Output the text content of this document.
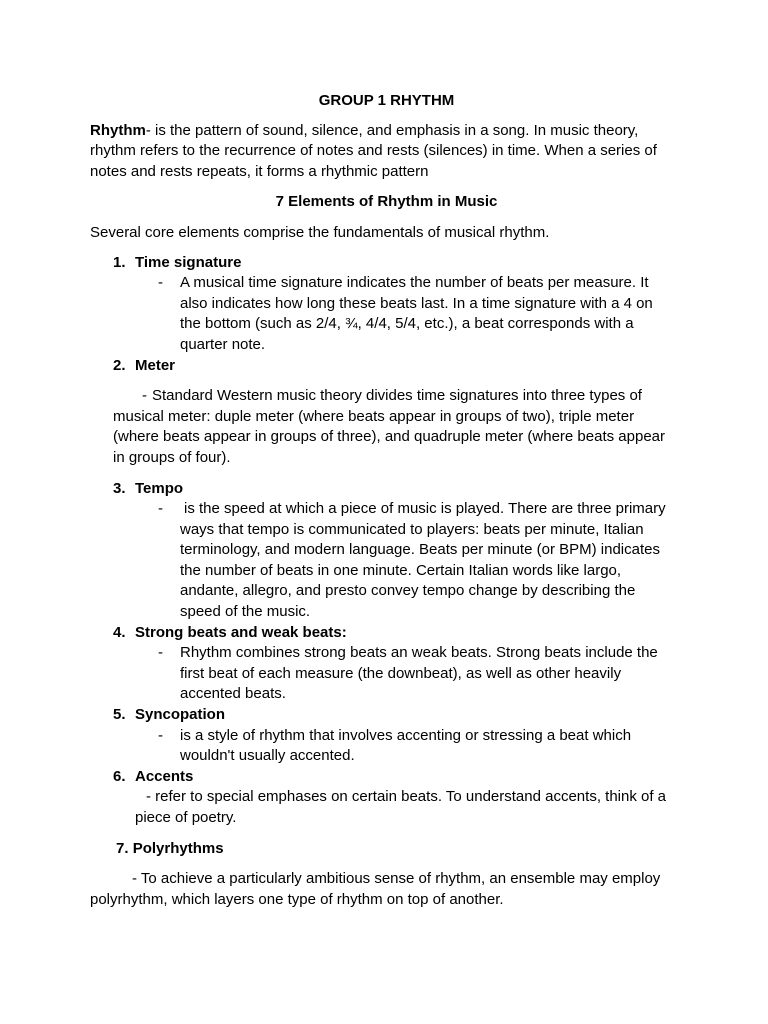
GROUP 1 RHYTHM

Rhythm- is the pattern of sound, silence, and emphasis in a song. In music theory, rhythm refers to the recurrence of notes and rests (silences) in time. When a series of notes and rests repeats, it forms a rhythmic pattern

7 Elements of Rhythm in Music

Several core elements comprise the fundamentals of musical rhythm.

1. Time signature
- A musical time signature indicates the number of beats per measure. It also indicates how long these beats last. In a time signature with a 4 on the bottom (such as 2/4, ¾, 4/4, 5/4, etc.), a beat corresponds with a quarter note.
2. Meter

- Standard Western music theory divides time signatures into three types of musical meter: duple meter (where beats appear in groups of two), triple meter (where beats appear in groups of three), and quadruple meter (where beats appear in groups of four).

3. Tempo
- is the speed at which a piece of music is played. There are three primary ways that tempo is communicated to players: beats per minute, Italian terminology, and modern language. Beats per minute (or BPM) indicates the number of beats in one minute. Certain Italian words like largo, andante, allegro, and presto convey tempo change by describing the speed of the music.
4. Strong beats and weak beats:
- Rhythm combines strong beats an weak beats. Strong beats include the first beat of each measure (the downbeat), as well as other heavily accented beats.
5. Syncopation
- is a style of rhythm that involves accenting or stressing a beat which wouldn't usually accented.
6. Accents
- refer to special emphases on certain beats. To understand accents, think of a piece of poetry.
7. Polyrhythms

- To achieve a particularly ambitious sense of rhythm, an ensemble may employ polyrhythm, which layers one type of rhythm on top of another.
